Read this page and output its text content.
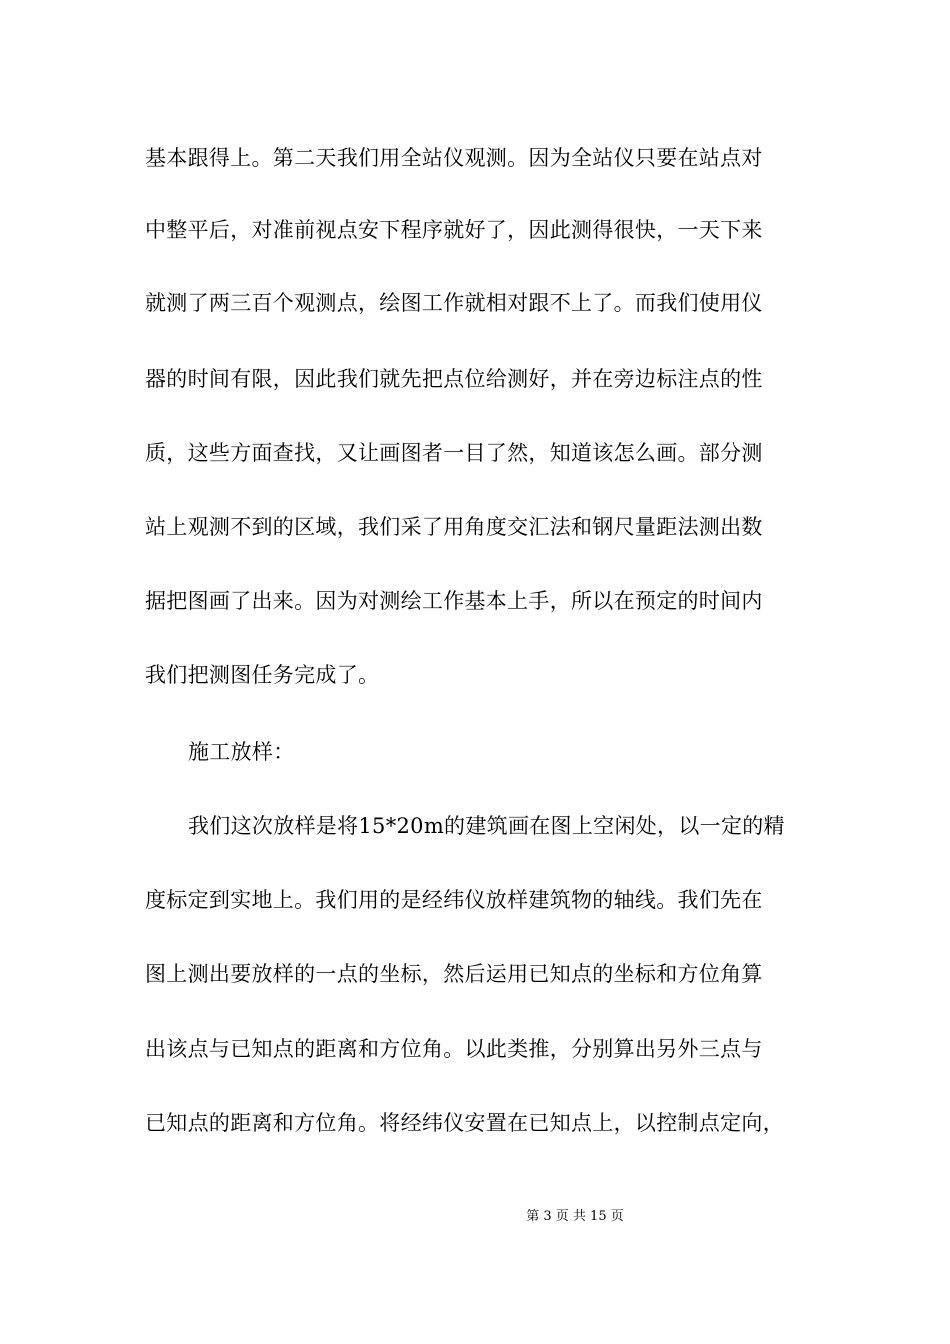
基本跟得上。第二天我们用全站仪观测。因为全站仪只要在站点对
中整平后，对准前视点安下程序就好了，因此测得很快，一天下来
就测了两三百个观测点，绘图工作就相对跟不上了。而我们使用仪
器的时间有限，因此我们就先把点位给测好，并在旁边标注点的性
质，这些方面查找，又让画图者一目了然，知道该怎么画。部分测
站上观测不到的区域，我们采了用角度交汇法和钢尺量距法测出数
据把图画了出来。因为对测绘工作基本上手，所以在预定的时间内
我们把测图任务完成了。
施工放样：
我们这次放样是将15*20m的建筑画在图上空闲处，以一定的精
度标定到实地上。我们用的是经纬仪放样建筑物的轴线。我们先在
图上测出要放样的一点的坐标，然后运用已知点的坐标和方位角算
出该点与已知点的距离和方位角。以此类推，分别算出另外三点与
已知点的距离和方位角。将经纬仪安置在已知点上，以控制点定向，
第 3 页 共 15 页
